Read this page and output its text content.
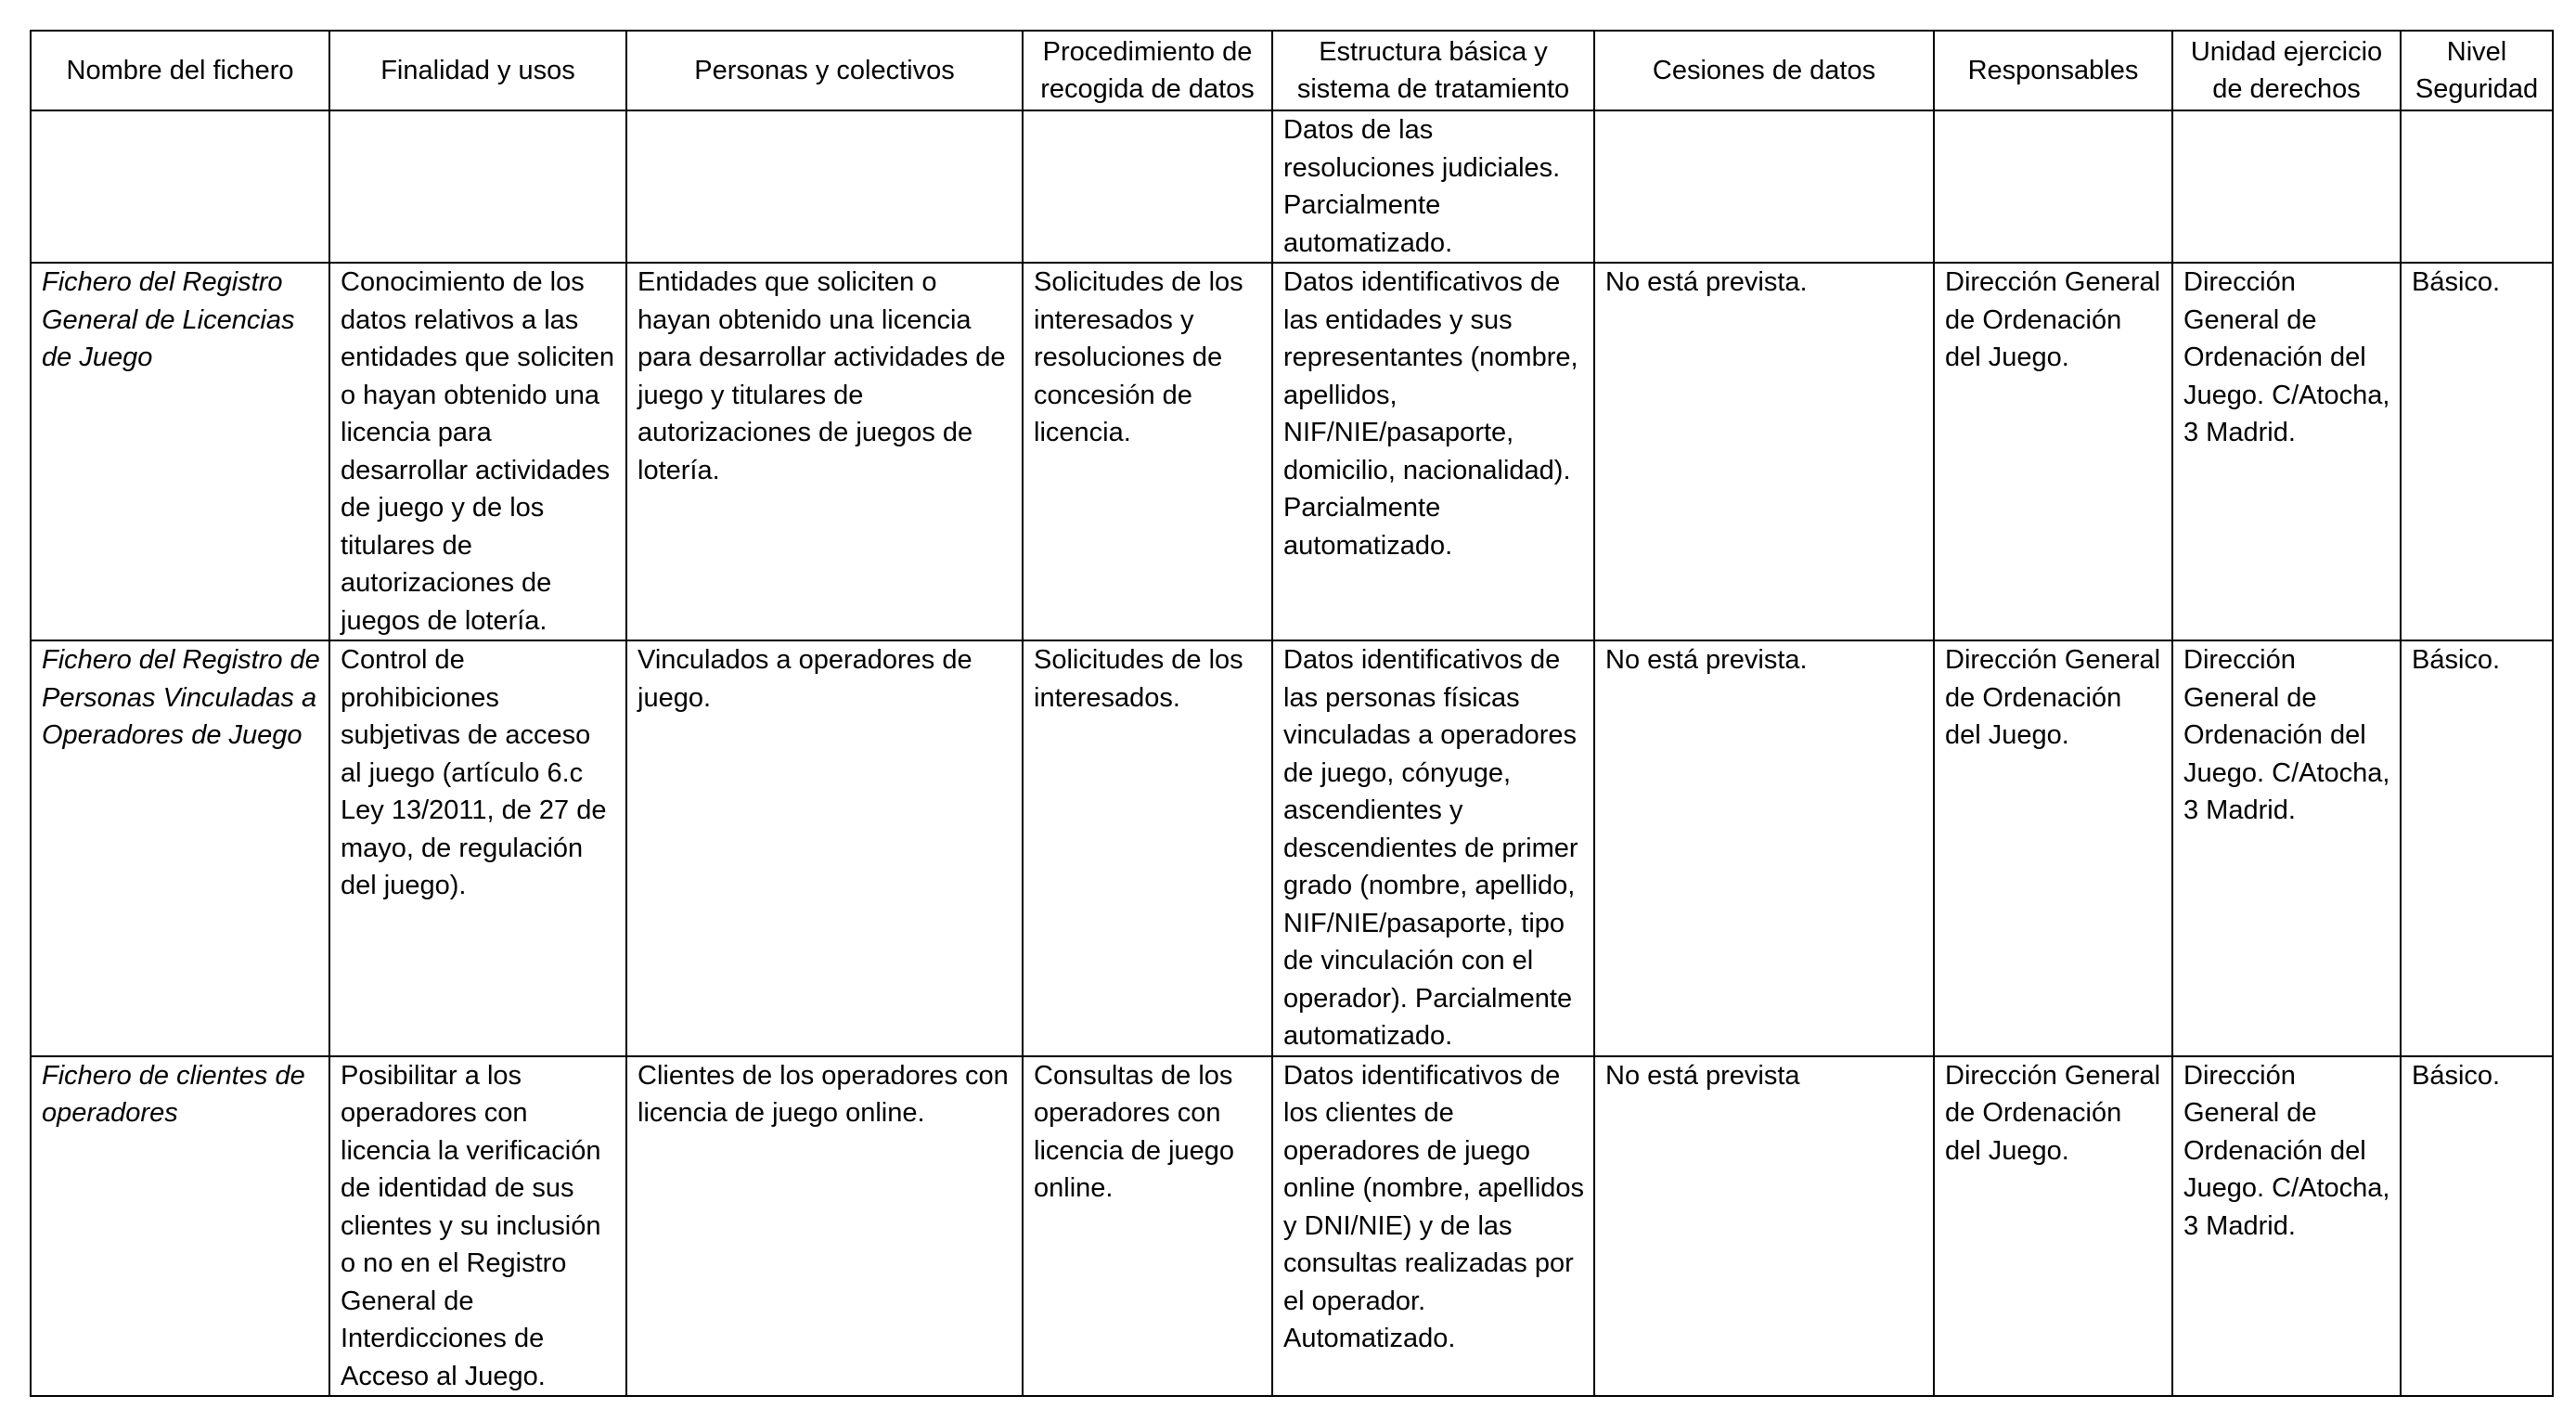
Nombre del fichero	Finalidad y usos	Personas y colectivos	Procedimiento de recogida de datos	Estructura básica y sistema de tratamiento	Cesiones de datos	Responsables	Unidad ejercicio de derechos	Nivel Seguridad
				Datos de las resoluciones judiciales. Parcialmente automatizado.				
Fichero del Registro General de Licencias de Juego	Conocimiento de los datos relativos a las entidades que soliciten o hayan obtenido una licencia para desarrollar actividades de juego y de los titulares de autorizaciones de juegos de lotería.	Entidades que soliciten o hayan obtenido una licencia para desarrollar actividades de juego y titulares de autorizaciones de juegos de lotería.	Solicitudes de los interesados y resoluciones de concesión de licencia.	Datos identificativos de las entidades y sus representantes (nombre, apellidos, NIF/NIE/pasaporte, domicilio, nacionalidad). Parcialmente automatizado.	No está prevista.	Dirección General de Ordenación del Juego.	Dirección General de Ordenación del Juego. C/Atocha, 3 Madrid.	Básico.
Fichero del Registro de Personas Vinculadas a Operadores de Juego	Control de prohibiciones subjetivas de acceso al juego (artículo 6.c Ley 13/2011, de 27 de mayo, de regulación del juego).	Vinculados a operadores de juego.	Solicitudes de los interesados.	Datos identificativos de las personas físicas vinculadas a operadores de juego, cónyuge, ascendientes y descendientes de primer grado (nombre, apellido, NIF/NIE/pasaporte, tipo de vinculación con el operador). Parcialmente automatizado.	No está prevista.	Dirección General de Ordenación del Juego.	Dirección General de Ordenación del Juego. C/Atocha, 3 Madrid.	Básico.
Fichero de clientes de operadores	Posibilitar a los operadores con licencia la verificación de identidad de sus clientes y su inclusión o no en el Registro General de Interdicciones de Acceso al Juego.	Clientes de los operadores con licencia de juego online.	Consultas de los operadores con licencia de juego online.	Datos identificativos de los clientes de operadores de juego online (nombre, apellidos y DNI/NIE) y de las consultas realizadas por el operador. Automatizado.	No está prevista	Dirección General de Ordenación del Juego.	Dirección General de Ordenación del Juego. C/Atocha, 3 Madrid.	Básico.
